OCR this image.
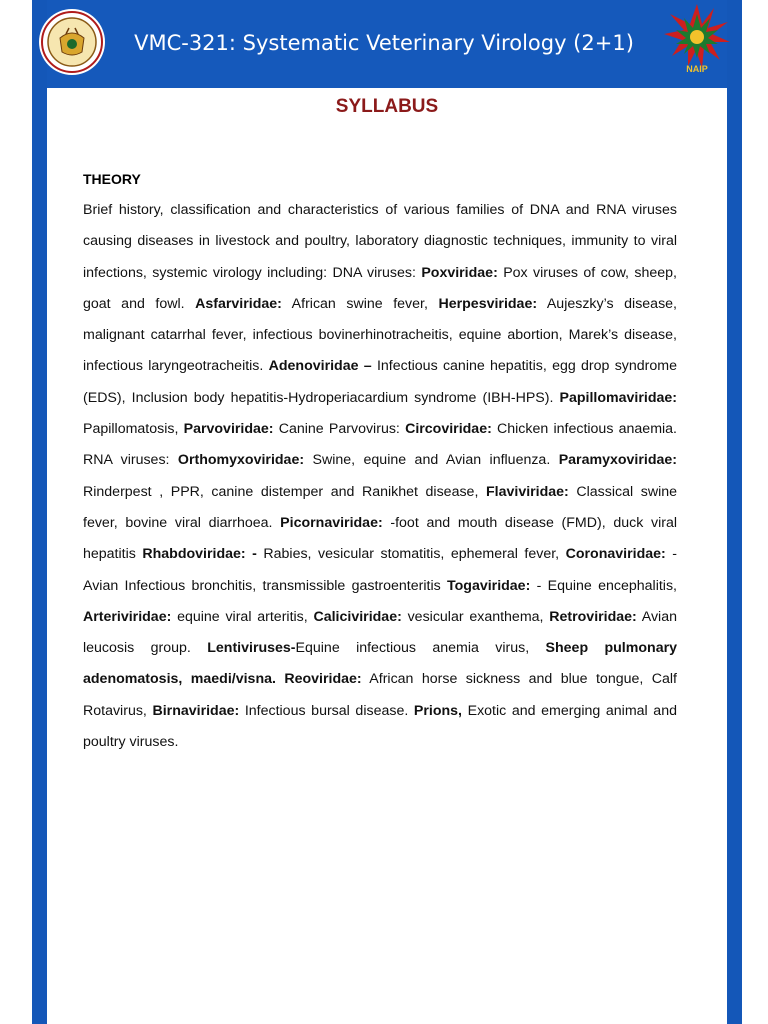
VMC-321: Systematic Veterinary Virology (2+1)
NAIP
SYLLABUS
THEORY
Brief history, classification and characteristics of various families of DNA and RNA viruses causing diseases in livestock and poultry, laboratory diagnostic techniques, immunity to viral infections, systemic virology including: DNA viruses: Poxviridae: Pox viruses of cow, sheep, goat and fowl. Asfarviridae: African swine fever, Herpesviridae: Aujeszky’s disease, malignant catarrhal fever, infectious bovinerhinotracheitis, equine abortion, Marek’s disease, infectious laryngeotracheitis. Adenoviridae – Infectious canine hepatitis, egg drop syndrome (EDS), Inclusion body hepatitis-Hydroperiacardium syndrome (IBH-HPS). Papillomaviridae: Papillomatosis, Parvoviridae: Canine Parvovirus: Circoviridae: Chicken infectious anaemia. RNA viruses: Orthomyxoviridae: Swine, equine and Avian influenza. Paramyxoviridae: Rinderpest , PPR, canine distemper and Ranikhet disease, Flaviviridae: Classical swine fever, bovine viral diarrhoea. Picornaviridae: -foot and mouth disease (FMD), duck viral hepatitis Rhabdoviridae: - Rabies, vesicular stomatitis, ephemeral fever, Coronaviridae: - Avian Infectious bronchitis, transmissible gastroenteritis Togaviridae: - Equine encephalitis, Arteriviridae: equine viral arteritis, Caliciviridae: vesicular exanthema, Retroviridae: Avian leucosis group. Lentiviruses-Equine infectious anemia virus, Sheep pulmonary adenomatosis, maedi/visna. Reoviridae: African horse sickness and blue tongue, Calf Rotavirus, Birnaviridae: Infectious bursal disease. Prions, Exotic and emerging animal and poultry viruses.
